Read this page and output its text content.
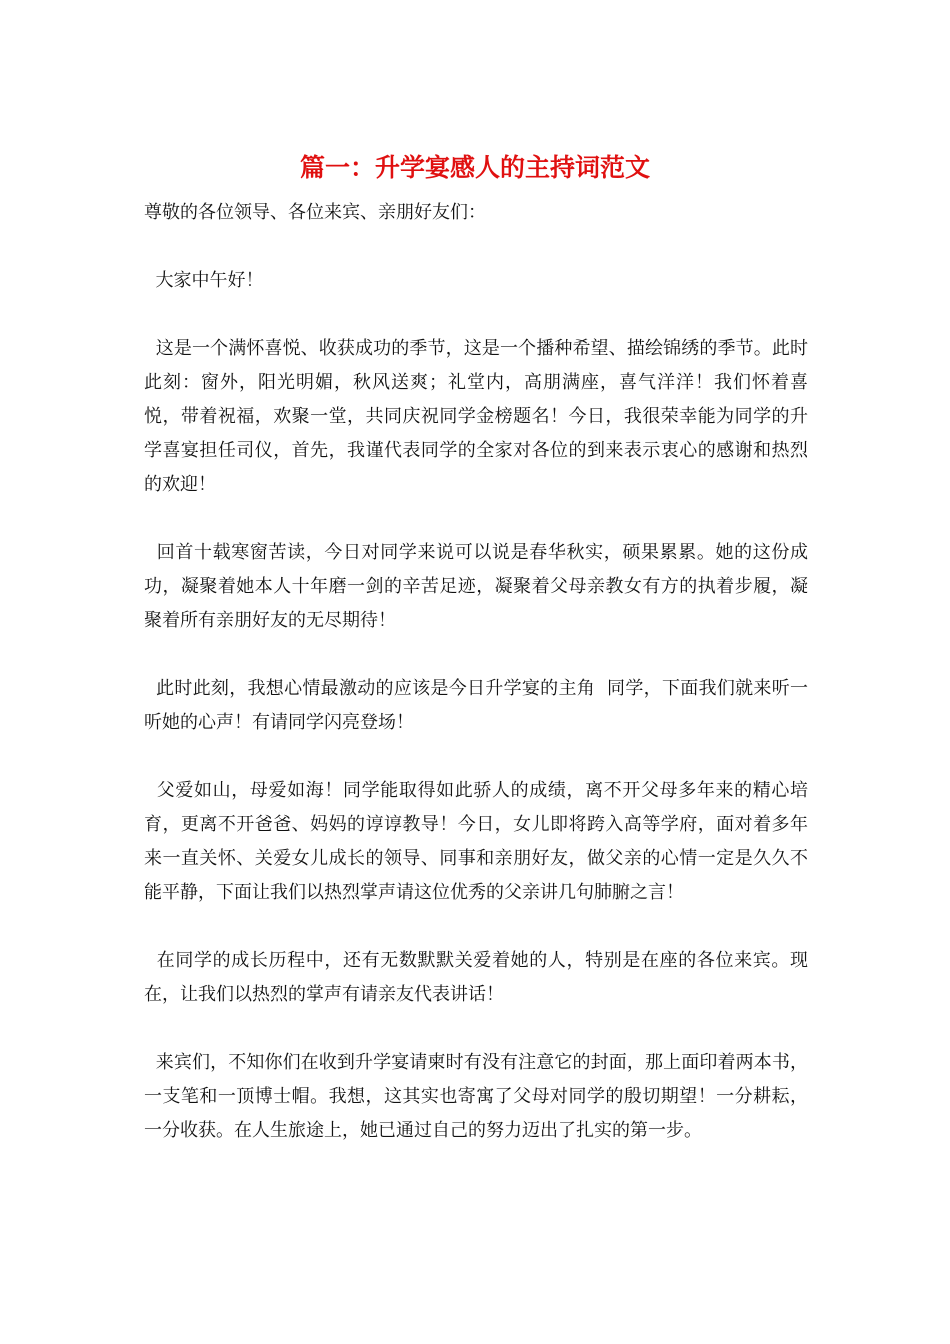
篇一：升学宴感人的主持词范文

尊敬的各位领导、各位来宾、亲朋好友们：

大家中午好！

这是一个满怀喜悦、收获成功的季节，这是一个播种希望、描绘锦绣的季节。此时此刻：窗外，阳光明媚，秋风送爽；礼堂内，高朋满座，喜气洋洋！我们怀着喜悦，带着祝福，欢聚一堂，共同庆祝同学金榜题名！今日，我很荣幸能为同学的升学喜宴担任司仪，首先，我谨代表同学的全家对各位的到来表示衷心的感谢和热烈的欢迎！

回首十载寒窗苦读，今日对同学来说可以说是春华秋实，硕果累累。她的这份成功，凝聚着她本人十年磨一剑的辛苦足迹，凝聚着父母亲教女有方的执着步履，凝聚着所有亲朋好友的无尽期待！

此时此刻，我想心情最激动的应该是今日升学宴的主角  同学，下面我们就来听一听她的心声！有请同学闪亮登场！

父爱如山，母爱如海！同学能取得如此骄人的成绩，离不开父母多年来的精心培育，更离不开爸爸、妈妈的谆谆教导！今日，女儿即将跨入高等学府，面对着多年来一直关怀、关爱女儿成长的领导、同事和亲朋好友，做父亲的心情一定是久久不能平静，下面让我们以热烈掌声请这位优秀的父亲讲几句肺腑之言！

在同学的成长历程中，还有无数默默关爱着她的人，特别是在座的各位来宾。现在，让我们以热烈的掌声有请亲友代表讲话！

来宾们，不知你们在收到升学宴请柬时有没有注意它的封面，那上面印着两本书，一支笔和一顶博士帽。我想，这其实也寄寓了父母对同学的殷切期望！一分耕耘，一分收获。在人生旅途上，她已通过自己的努力迈出了扎实的第一步。
